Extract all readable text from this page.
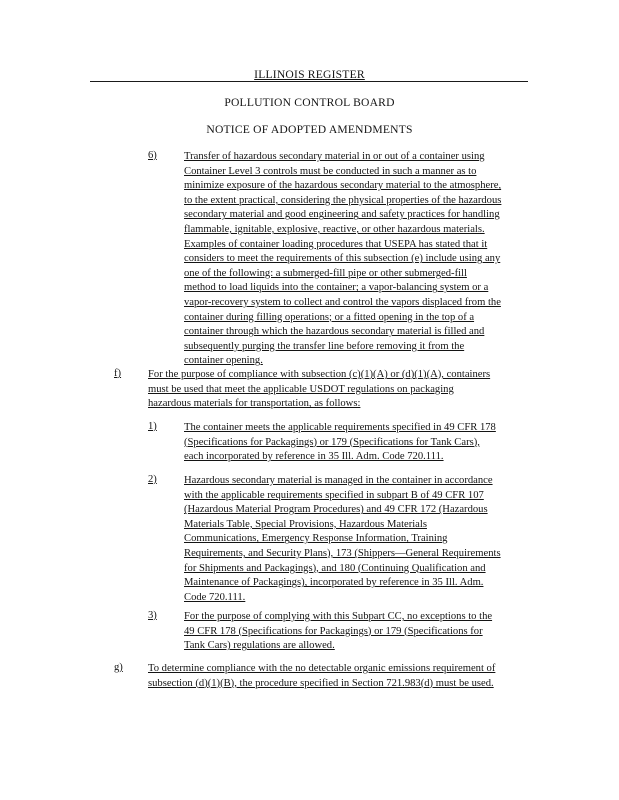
ILLINOIS REGISTER
POLLUTION CONTROL BOARD
NOTICE OF ADOPTED AMENDMENTS
6)	Transfer of hazardous secondary material in or out of a container using
Container Level 3 controls must be conducted in such a manner as to
minimize exposure of the hazardous secondary material to the atmosphere,
to the extent practical, considering the physical properties of the hazardous
secondary material and good engineering and safety practices for handling
flammable, ignitable, explosive, reactive, or other hazardous materials.
Examples of container loading procedures that USEPA has stated that it
considers to meet the requirements of this subsection (e) include using any
one of the following: a submerged-fill pipe or other submerged-fill
method to load liquids into the container; a vapor-balancing system or a
vapor-recovery system to collect and control the vapors displaced from the
container during filling operations; or a fitted opening in the top of a
container through which the hazardous secondary material is filled and
subsequently purging the transfer line before removing it from the
container opening.
f)	For the purpose of compliance with subsection (c)(1)(A) or (d)(1)(A), containers
must be used that meet the applicable USDOT regulations on packaging
hazardous materials for transportation, as follows:
1)	The container meets the applicable requirements specified in 49 CFR 178
(Specifications for Packagings) or 179 (Specifications for Tank Cars),
each incorporated by reference in 35 Ill. Adm. Code 720.111.
2)	Hazardous secondary material is managed in the container in accordance
with the applicable requirements specified in subpart B of 49 CFR 107
(Hazardous Material Program Procedures) and 49 CFR 172 (Hazardous
Materials Table, Special Provisions, Hazardous Materials
Communications, Emergency Response Information, Training
Requirements, and Security Plans), 173 (Shippers—General Requirements
for Shipments and Packagings), and 180 (Continuing Qualification and
Maintenance of Packagings), incorporated by reference in 35 Ill. Adm.
Code 720.111.
3)	For the purpose of complying with this Subpart CC, no exceptions to the
49 CFR 178 (Specifications for Packagings) or 179 (Specifications for
Tank Cars) regulations are allowed.
g) To determine compliance with the no detectable organic emissions requirement of
subsection (d)(1)(B), the procedure specified in Section 721.983(d) must be used.
